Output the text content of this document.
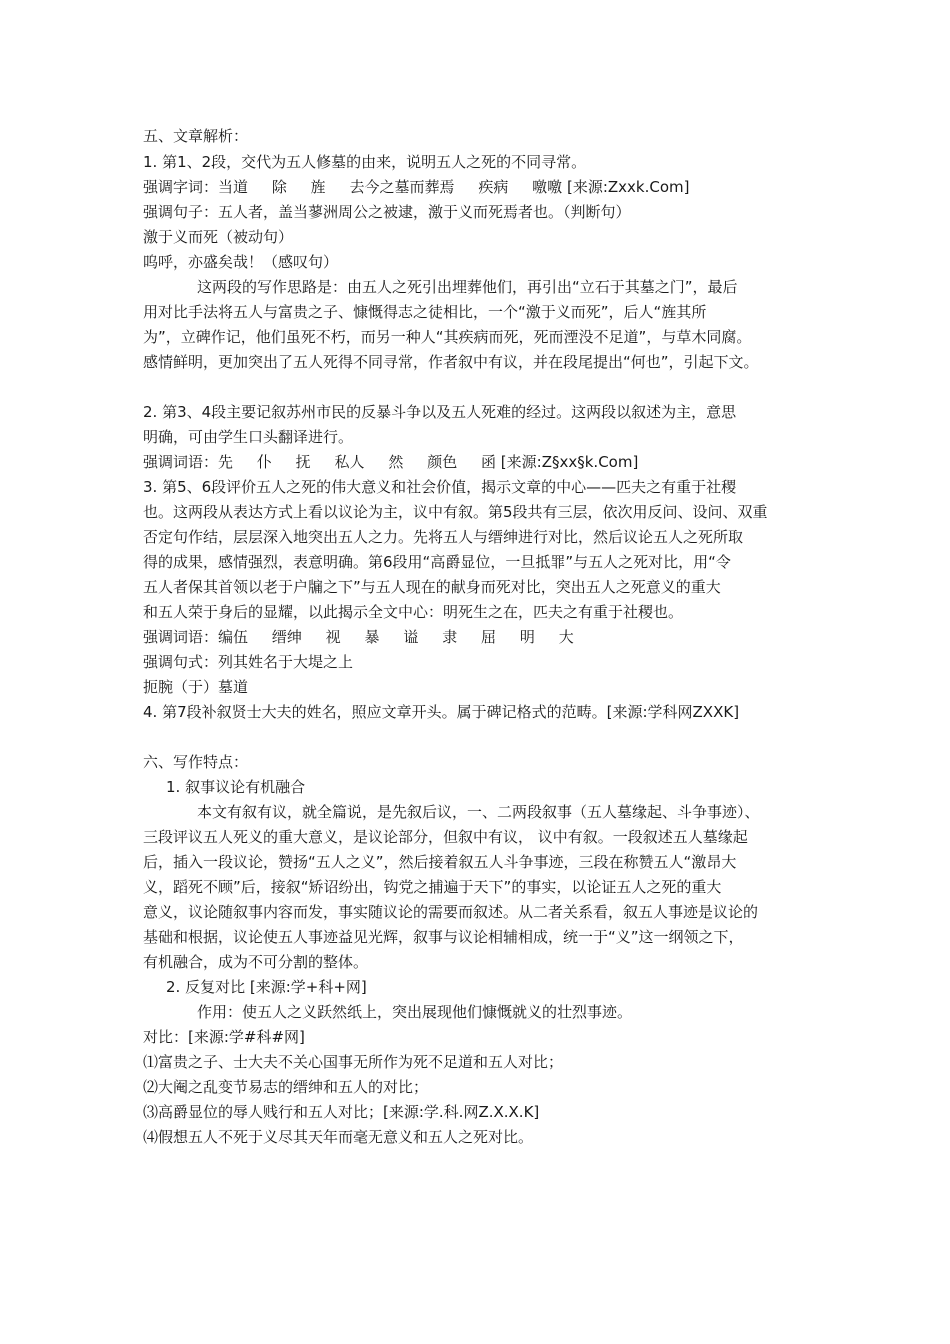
五、文章解析：
1. 第1、2段，交代为五人修墓的由来，说明五人之死的不同寻常。
强调字词：当道     除     旌     去今之墓而葬焉     疾病     噭噭 [来源:Zxxk.Com]
强调句子：五人者，盖当蓼洲周公之被逮，激于义而死焉者也。（判断句）
激于义而死（被动句）
呜呼，亦盛矣哉！（感叹句）
这两段的写作思路是：由五人之死引出埋葬他们，再引出“立石于其墓之门”，最后
用对比手法将五人与富贵之子、慷慨得志之徒相比，一个“激于义而死”，后人“旌其所
为”，立碑作记，他们虽死不朽，而另一种人“其疾病而死，死而湮没不足道”，与草木同腐。
感情鲜明，更加突出了五人死得不同寻常，作者叙中有议，并在段尾提出“何也”，引起下文。
2. 第3、4段主要记叙苏州市民的反暴斗争以及五人死难的经过。这两段以叙述为主，意思
明确，可由学生口头翻译进行。
强调词语：先     仆     抚     私人     然     颜色     函 [来源:Z§xx§k.Com]
3. 第5、6段评价五人之死的伟大意义和社会价值，揭示文章的中心——匹夫之有重于社稷
也。这两段从表达方式上看以议论为主，议中有叙。第5段共有三层，依次用反问、设问、双重
否定句作结，层层深入地突出五人之力。先将五人与缙绅进行对比，然后议论五人之死所取
得的成果，感情强烈，表意明确。第6段用“高爵显位，一旦抵罪”与五人之死对比，用“令
五人者保其首领以老于户牖之下”与五人现在的献身而死对比，突出五人之死意义的重大
和五人荣于身后的显耀，以此揭示全文中心：明死生之在，匹夫之有重于社稷也。
强调词语：编伍     缙绅     视     暴     谥     隶     屈     明     大
强调句式：列其姓名于大堤之上
扼腕（于）墓道
4. 第7段补叙贤士大夫的姓名，照应文章开头。属于碑记格式的范畴。[来源:学科网ZXXK]
六、写作特点：
1. 叙事议论有机融合
本文有叙有议，就全篇说，是先叙后议，一、二两段叙事（五人墓缘起、斗争事迹）、
三段评议五人死义的重大意义，是议论部分，但叙中有议， 议中有叙。一段叙述五人墓缘起
后，插入一段议论，赞扬“五人之义”，然后接着叙五人斗争事迹，三段在称赞五人“激昂大
义，蹈死不顾”后，接叙“矫诏纷出，钩党之捕遍于天下”的事实，以论证五人之死的重大
意义，议论随叙事内容而发，事实随议论的需要而叙述。从二者关系看，叙五人事迹是议论的
基础和根据，议论使五人事迹益见光辉，叙事与议论相辅相成，统一于“义”这一纲领之下，
有机融合，成为不可分割的整体。
2. 反复对比 [来源:学+科+网]
作用：使五人之义跃然纸上，突出展现他们慷慨就义的壮烈事迹。
对比：[来源:学#科#网]
⑴富贵之子、士大夫不关心国事无所作为死不足道和五人对比；
⑵大阉之乱变节易志的缙绅和五人的对比；
⑶高爵显位的辱人贱行和五人对比；[来源:学.科.网Z.X.X.K]
⑷假想五人不死于义尽其天年而毫无意义和五人之死对比。
